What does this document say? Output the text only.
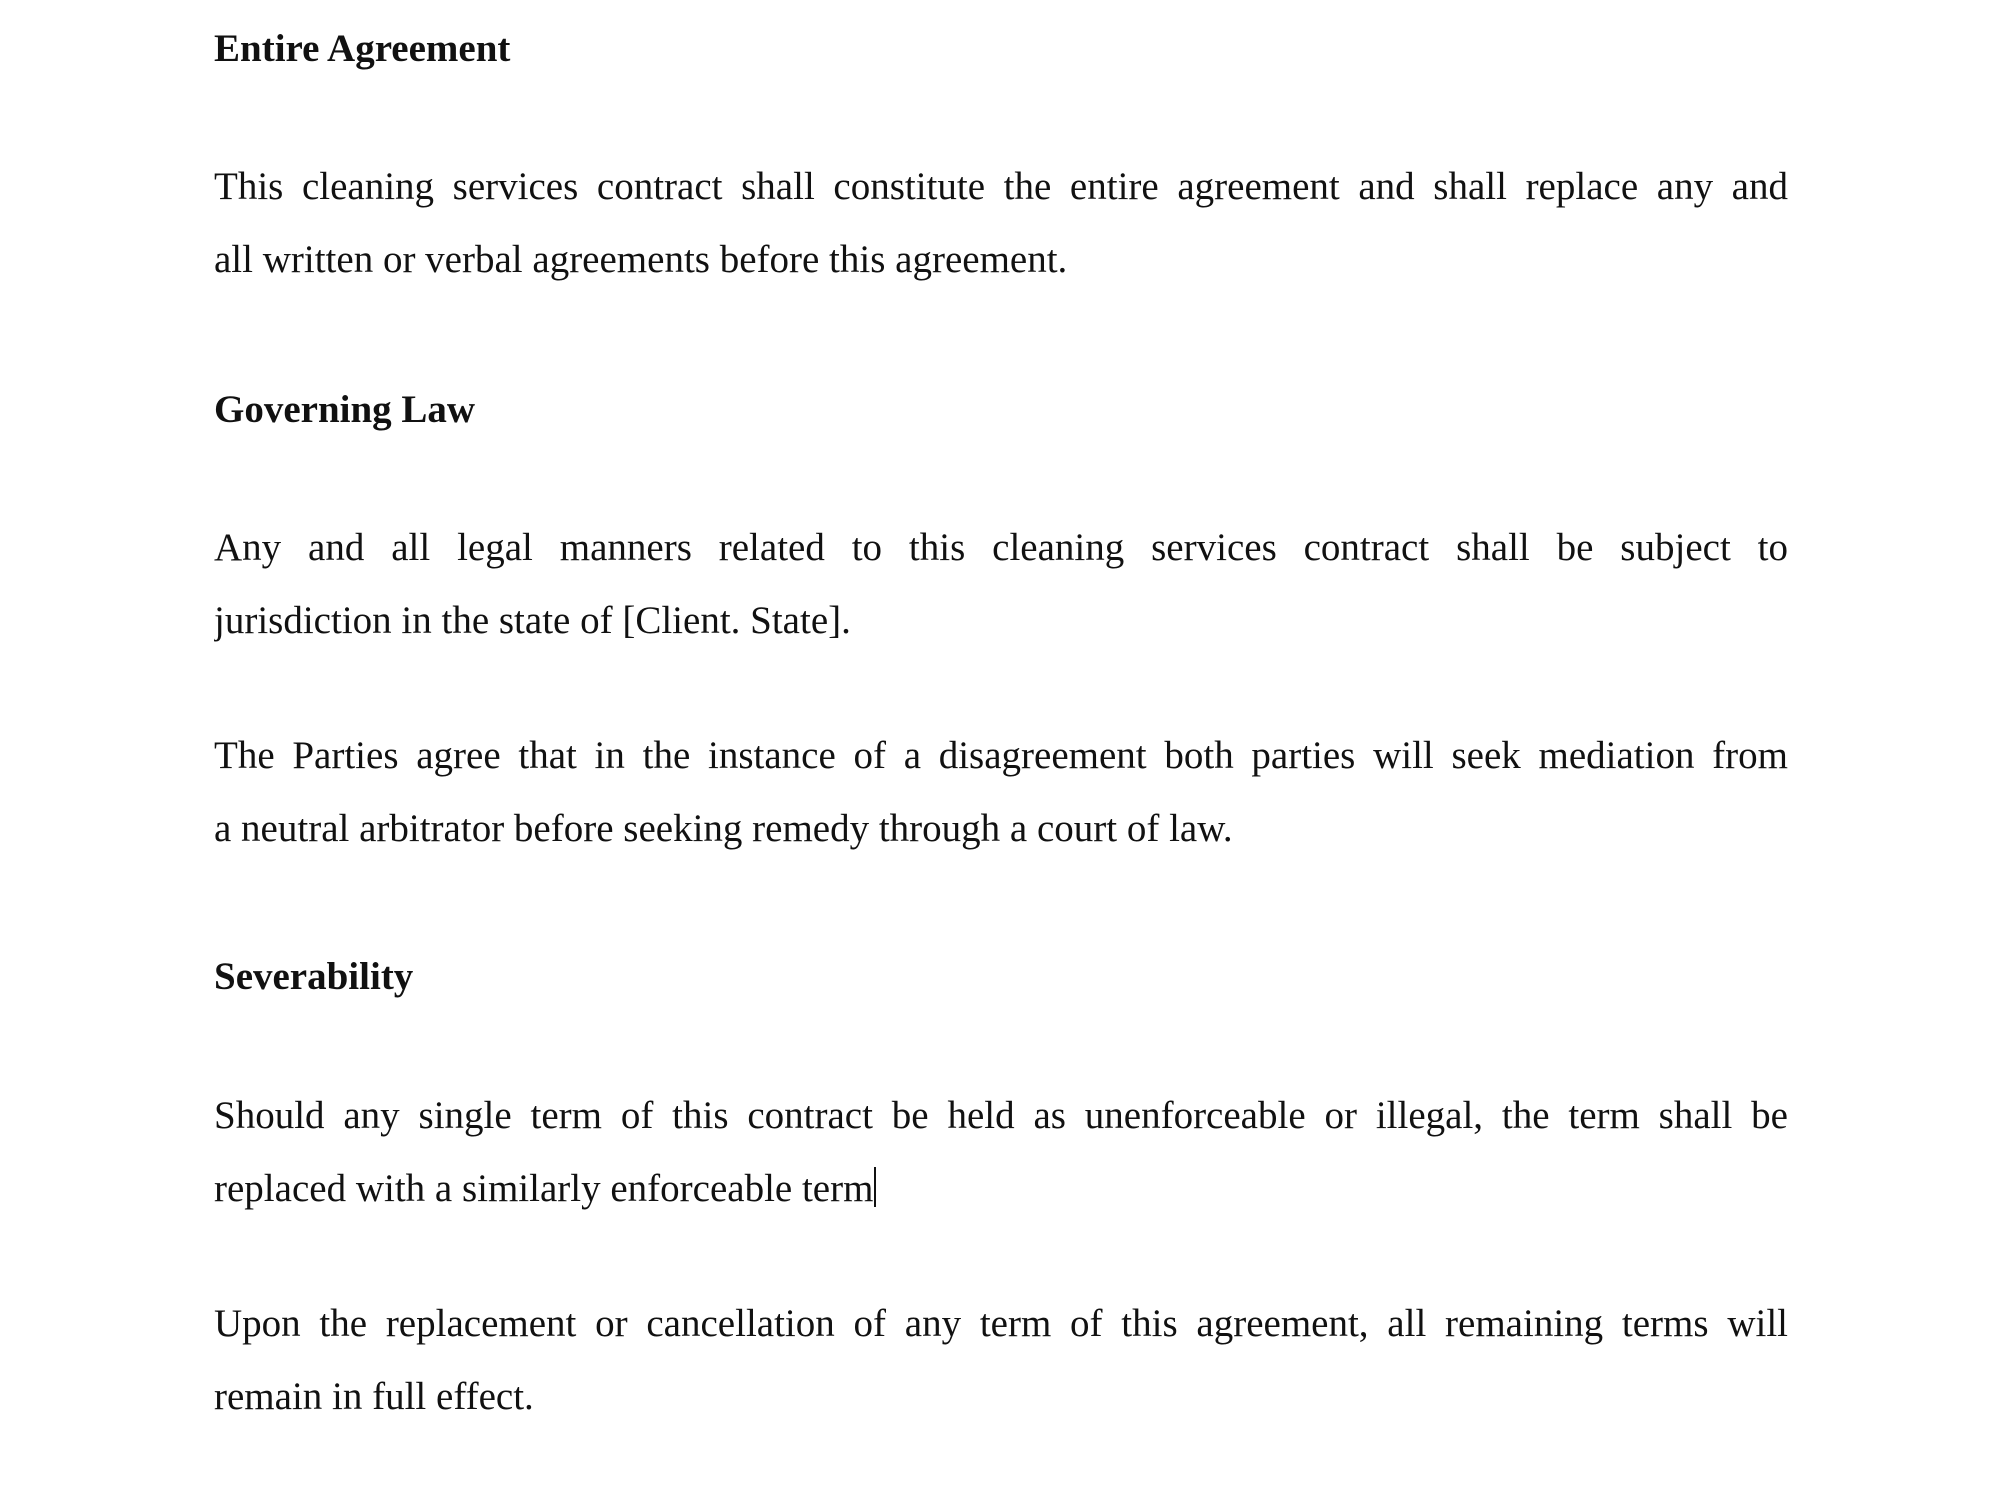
Entire Agreement
This cleaning services contract shall constitute the entire agreement and shall replace any and
all written or verbal agreements before this agreement.
Governing Law
Any and all legal manners related to this cleaning services contract shall be subject to
jurisdiction in the state of [Client. State].
The Parties agree that in the instance of a disagreement both parties will seek mediation from
a neutral arbitrator before seeking remedy through a court of law.
Severability
Should any single term of this contract be held as unenforceable or illegal, the term shall be
replaced with a similarly enforceable term
Upon the replacement or cancellation of any term of this agreement, all remaining terms will
remain in full effect.
